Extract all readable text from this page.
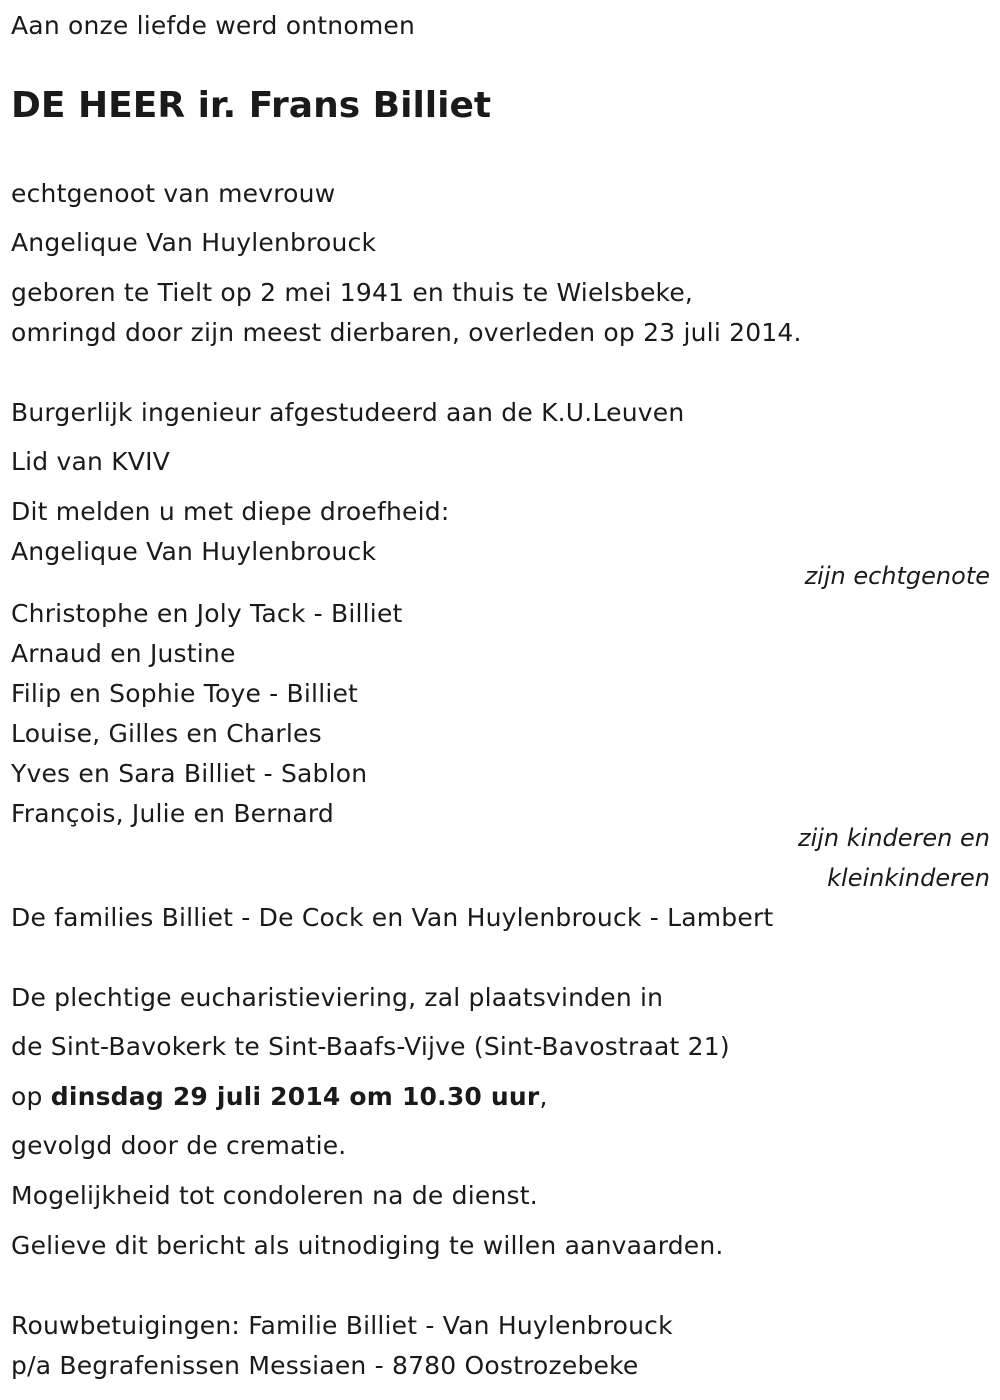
Aan onze liefde werd ontnomen
DE HEER ir. Frans Billiet
echtgenoot van mevrouw
Angelique Van Huylenbrouck
geboren te Tielt op 2 mei 1941 en thuis te Wielsbeke,
omringd door zijn meest dierbaren, overleden op 23 juli 2014.
Burgerlijk ingenieur afgestudeerd aan de K.U.Leuven
Lid van KVIV
Dit melden u met diepe droefheid:
Angelique Van Huylenbrouck
zijn echtgenote
Christophe en Joly Tack - Billiet
Arnaud en Justine
Filip en Sophie Toye - Billiet
Louise, Gilles en Charles
Yves en Sara Billiet - Sablon
François, Julie en Bernard
zijn kinderen en
kleinkinderen
De families Billiet - De Cock en Van Huylenbrouck - Lambert
De plechtige eucharistieviering, zal plaatsvinden in
de Sint-Bavokerk te Sint-Baafs-Vijve (Sint-Bavostraat 21)
op dinsdag 29 juli 2014 om 10.30 uur,
gevolgd door de crematie.
Mogelijkheid tot condoleren na de dienst.
Gelieve dit bericht als uitnodiging te willen aanvaarden.
Rouwbetuigingen: Familie Billiet - Van Huylenbrouck
p/a Begrafenissen Messiaen - 8780 Oostrozebeke
